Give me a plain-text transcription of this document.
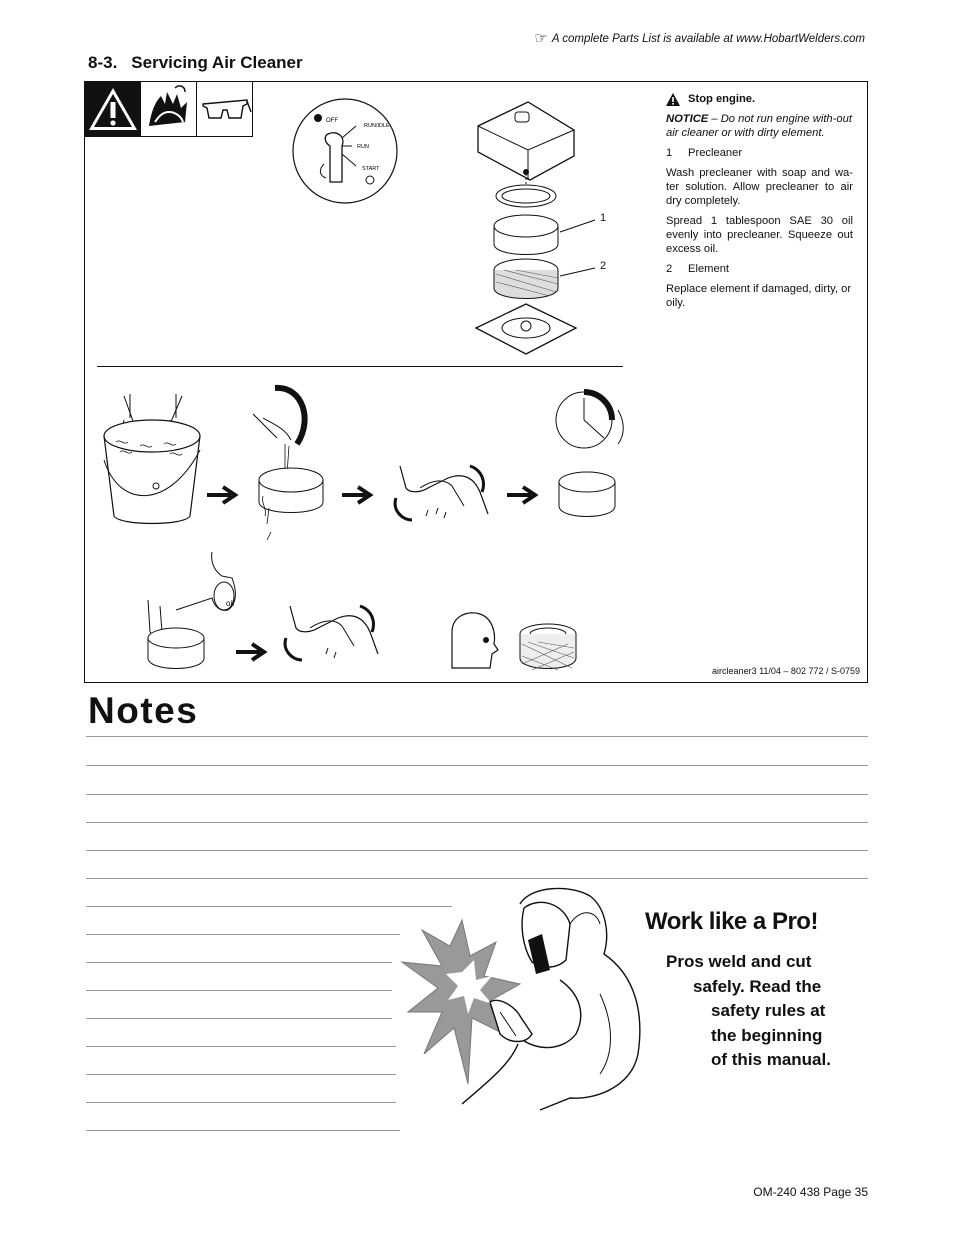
☞ A complete Parts List is available at www.HobartWelders.com
8-3. Servicing Air Cleaner
OFF
RUN/IDLE
RUN
START
1
2
Stop engine.

NOTICE – Do not run engine with-out air cleaner or with dirty element.

1 Precleaner

Wash precleaner with soap and wa-ter solution. Allow precleaner to air dry completely.

Spread 1 tablespoon SAE 30 oil evenly into precleaner. Squeeze out excess oil.

2 Element

Replace element if damaged, dirty, or oily.

oil
aircleaner3 11/04 – 802 772 / S-0759
Notes
Work like a Pro!
Pros weld and cut
safely. Read the
safety rules at
the beginning
of this manual.
OM-240 438 Page 35
